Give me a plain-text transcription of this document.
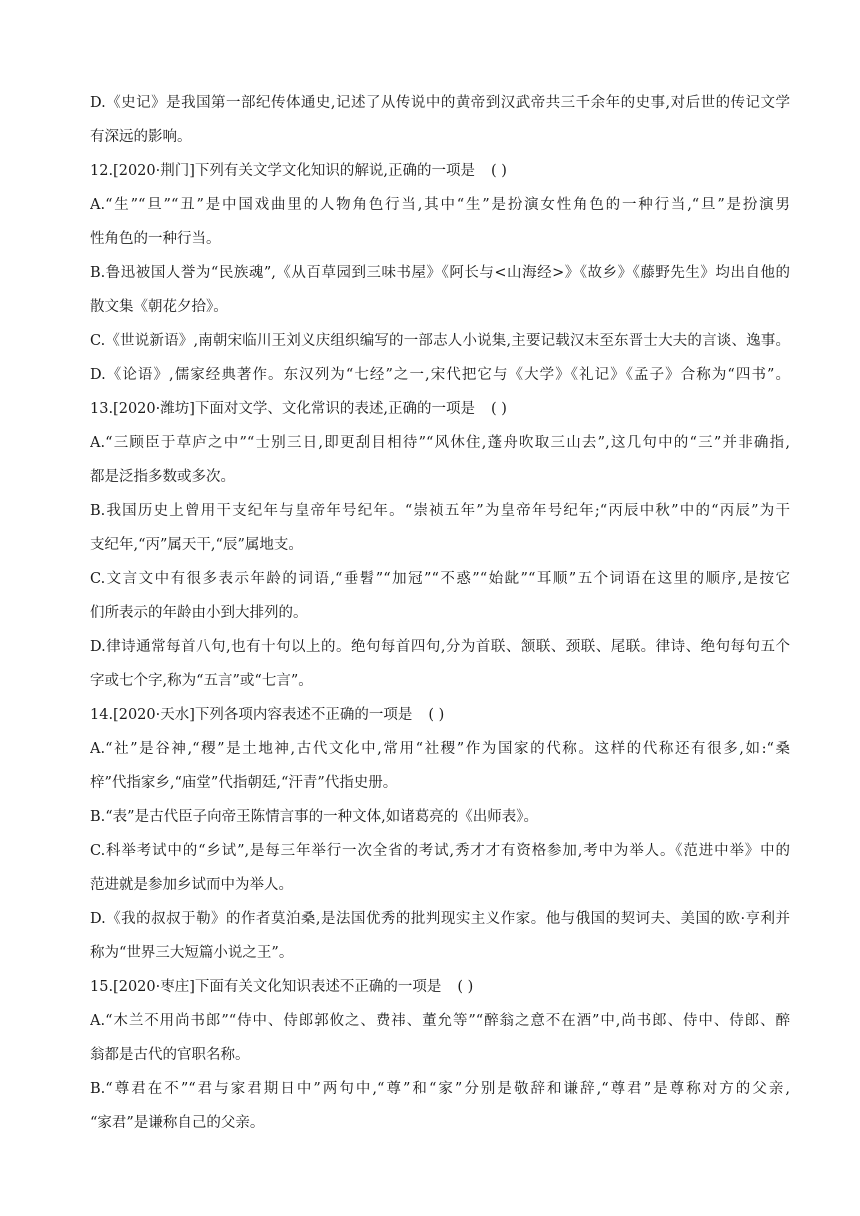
D.《史记》是我国第一部纪传体通史,记述了从传说中的黄帝到汉武帝共三千余年的史事,对后世的传记文学
有深远的影响。
12.[2020·荆门]下列有关文学文化知识的解说,正确的一项是 ( )
A.“生”“旦”“丑”是中国戏曲里的人物角色行当,其中“生”是扮演女性角色的一种行当,“旦”是扮演男
性角色的一种行当。
B.鲁迅被国人誉为“民族魂”,《从百草园到三味书屋》《阿长与<山海经>》《故乡》《藤野先生》均出自他的
散文集《朝花夕拾》。
C.《世说新语》,南朝宋临川王刘义庆组织编写的一部志人小说集,主要记载汉末至东晋士大夫的言谈、逸事。
D.《论语》,儒家经典著作。东汉列为“七经”之一,宋代把它与《大学》《礼记》《孟子》合称为“四书”。
13.[2020·潍坊]下面对文学、文化常识的表述,正确的一项是 ( )
A.“三顾臣于草庐之中”“士别三日,即更刮目相待”“风休住,蓬舟吹取三山去”,这几句中的“三”并非确指,
都是泛指多数或多次。
B.我国历史上曾用干支纪年与皇帝年号纪年。“崇祯五年”为皇帝年号纪年;“丙辰中秋”中的“丙辰”为干
支纪年,“丙”属天干,“辰”属地支。
C.文言文中有很多表示年龄的词语,“垂髫”“加冠”“不惑”“始龀”“耳顺”五个词语在这里的顺序,是按它
们所表示的年龄由小到大排列的。
D.律诗通常每首八句,也有十句以上的。绝句每首四句,分为首联、颔联、颈联、尾联。律诗、绝句每句五个
字或七个字,称为“五言”或“七言”。
14.[2020·天水]下列各项内容表述不正确的一项是 ( )
A.“社”是谷神,“稷”是土地神,古代文化中,常用“社稷”作为国家的代称。这样的代称还有很多,如:“桑
梓”代指家乡,“庙堂”代指朝廷,“汗青”代指史册。
B.“表”是古代臣子向帝王陈情言事的一种文体,如诸葛亮的《出师表》。
C.科举考试中的“乡试”,是每三年举行一次全省的考试,秀才才有资格参加,考中为举人。《范进中举》中的
范进就是参加乡试而中为举人。
D.《我的叔叔于勒》的作者莫泊桑,是法国优秀的批判现实主义作家。他与俄国的契诃夫、美国的欧·亨利并
称为“世界三大短篇小说之王”。
15.[2020·枣庄]下面有关文化知识表述不正确的一项是 ( )
A.“木兰不用尚书郎”“侍中、侍郎郭攸之、费祎、董允等”“醉翁之意不在酒”中,尚书郎、侍中、侍郎、醉
翁都是古代的官职名称。
B.“尊君在不”“君与家君期日中”两句中,“尊”和“家”分别是敬辞和谦辞,“尊君”是尊称对方的父亲,
“家君”是谦称自己的父亲。
